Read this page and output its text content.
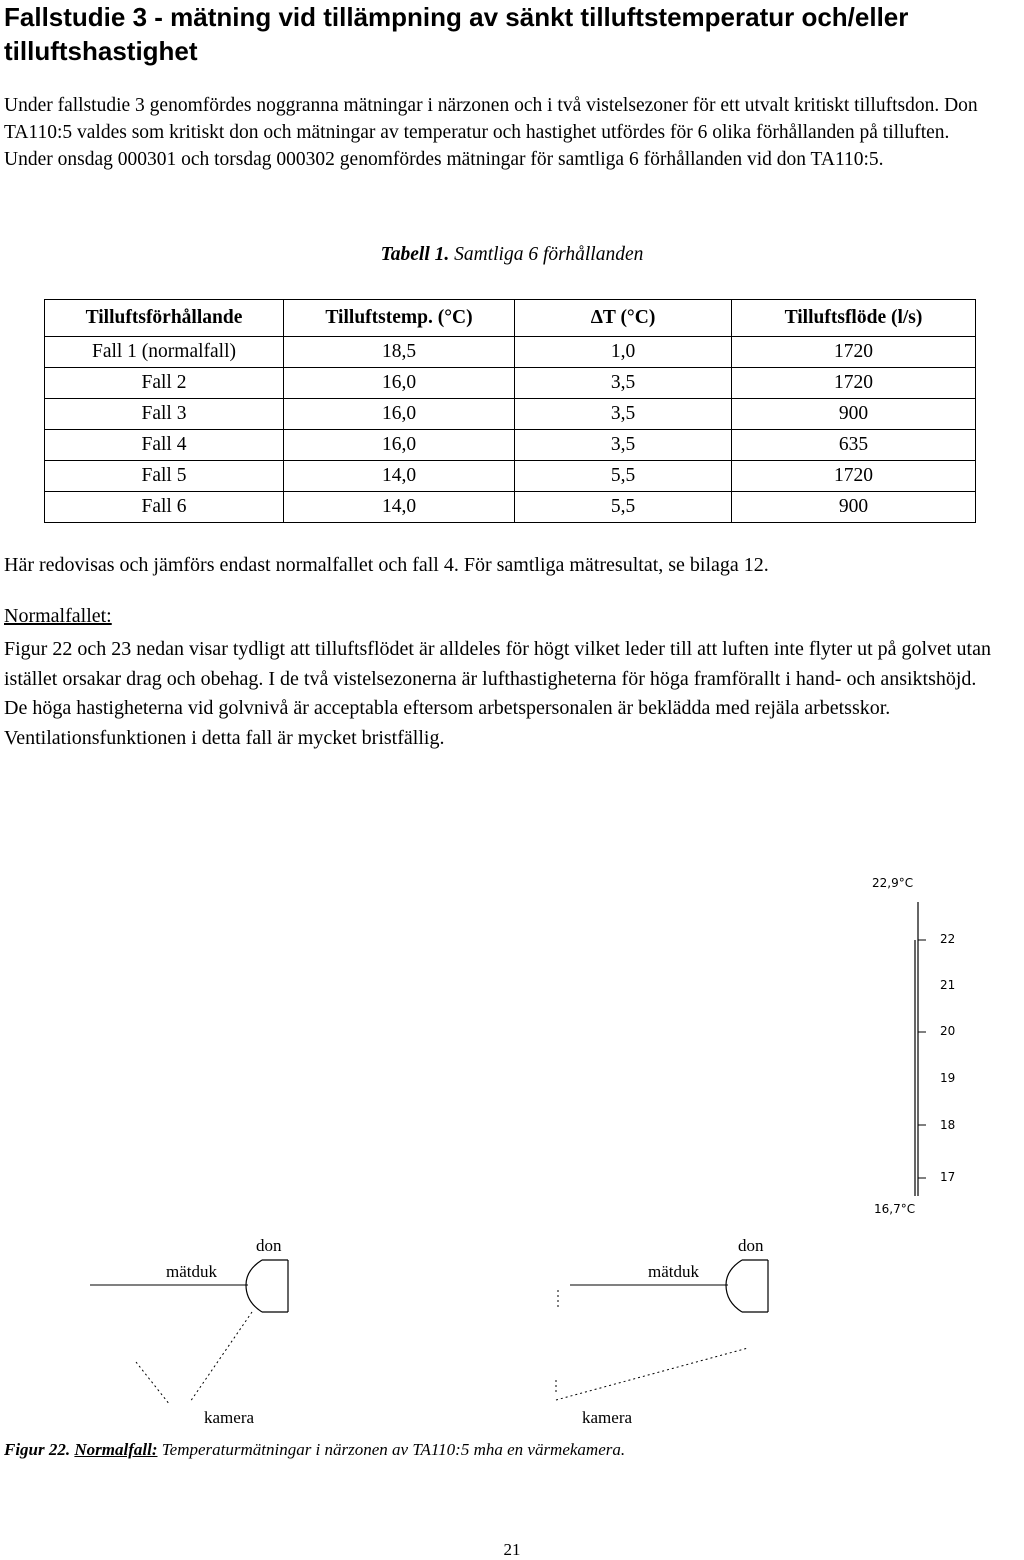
Fallstudie 3 - mätning vid tillämpning av sänkt tilluftstemperatur och/eller tilluftshastighet

Under fallstudie 3 genomfördes noggranna mätningar i närzonen och i två vistelsezoner för ett utvalt kritiskt tilluftsdon. Don TA110:5 valdes som kritiskt don och mätningar av temperatur och hastighet utfördes för 6 olika förhållanden på tilluften.

Under onsdag 000301 och torsdag 000302 genomfördes mätningar för samtliga 6 förhållanden vid don TA110:5.

Tabell 1. Samtliga 6 förhållanden
Tilluftsförhållande	Tilluftstemp. (°C)	ΔT (°C)	Tilluftsflöde (l/s)
Fall 1 (normalfall)	18,5	1,0	1720
Fall 2	16,0	3,5	1720
Fall 3	16,0	3,5	900
Fall 4	16,0	3,5	635
Fall 5	14,0	5,5	1720
Fall 6	14,0	5,5	900

Här redovisas och jämförs endast normalfallet och fall 4. För samtliga mätresultat, se bilaga 12.

Normalfallet:

Figur 22 och 23 nedan visar tydligt att tilluftsflödet är alldeles för högt vilket leder till att luften inte flyter ut på golvet utan istället orsakar drag och obehag. I de två vistelsezonerna är lufthastigheterna för höga framförallt i hand- och ansiktshöjd. De höga hastigheterna vid golvnivå är acceptabla eftersom arbetspersonalen är beklädda med rejäla arbetsskor. Ventilationsfunktionen i detta fall är mycket bristfällig.

22,9°C
22
21
20
19
18
17
16,7°C
don
mätduk
kamera
don
mätduk
kamera
Figur 22. Normalfall: Temperaturmätningar i närzonen av TA110:5 mha en värmekamera.
21
